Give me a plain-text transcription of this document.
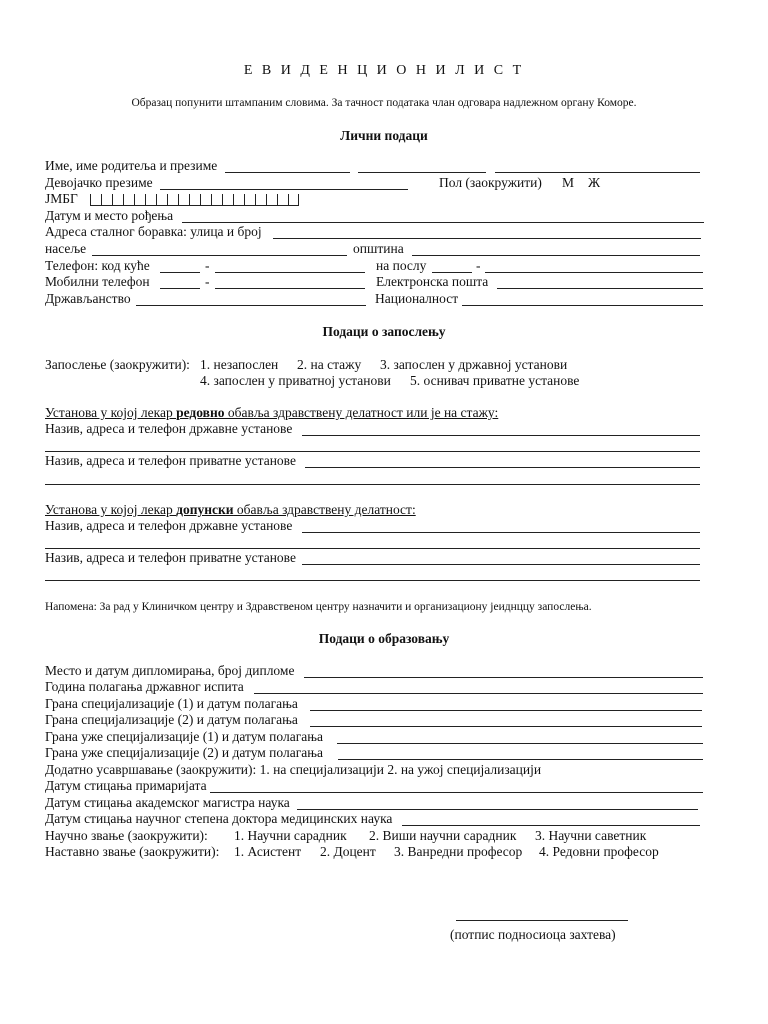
Е В И Д Е Н Ц И О Н И Л И С Т
Образац попунити штампаним словима. За тачност података члан одговара надлежном органу Коморе.
Лични подаци
Име, име родитеља и презиме
Девојачко презиме	Пол (заокружити) М Ж
ЈМБГ
Датум и место рођења
Адреса сталног боравка: улица и број
насеље	општина
Телефон: код куће	-	на послу	-
Мобилни телефон	-	Електронска пошта
Држављанство	Национaлност
Подаци о запослењу
Запослење (заокружити): 1. незапослен 2. на стажу 3. запослен у државној установи
4. запослен у приватној установи 5. оснивач приватне установе
Установа у којој лекар редовно обавља здравствену делатност или је на стажу:
Назив, адреса и телефон државне установе
Назив, адреса и телефон приватне установе
Установа у којој лекар допунски обавља здравствену делатност:
Назив, адреса и телефон државне установе
Назив, адреса и телефон приватне установе
Напомена: За рад у Клиничком центру и Здравственом центру назначити и организациону јеиднццу запослења.
Подаци о образовању
Место и датум дипломирања, број дипломе
Година полагања државног испита
Грана специјализације (1) и датум полагања
Грана специјализације (2) и датум полагања
Грана уже специјализације (1) и датум полагања
Грана уже специјализације (2) и датум полагања
Додатно усавршавање (заокружити): 1. на специјализацији 2. на ужој специјализацији
Датум стицања примаријата
Датум стицања академског магистра наука
Датум стицања научног степена доктора медицинских наука
Научно звање (заокружити): 1. Научни сарадник 2. Виши научни сарадник 3. Научни саветник
Наставно звање (заокружити): 1. Асистент 2. Доцент 3. Ванредни професор 4. Редовни професор
(потпис подносиоца захтева)
